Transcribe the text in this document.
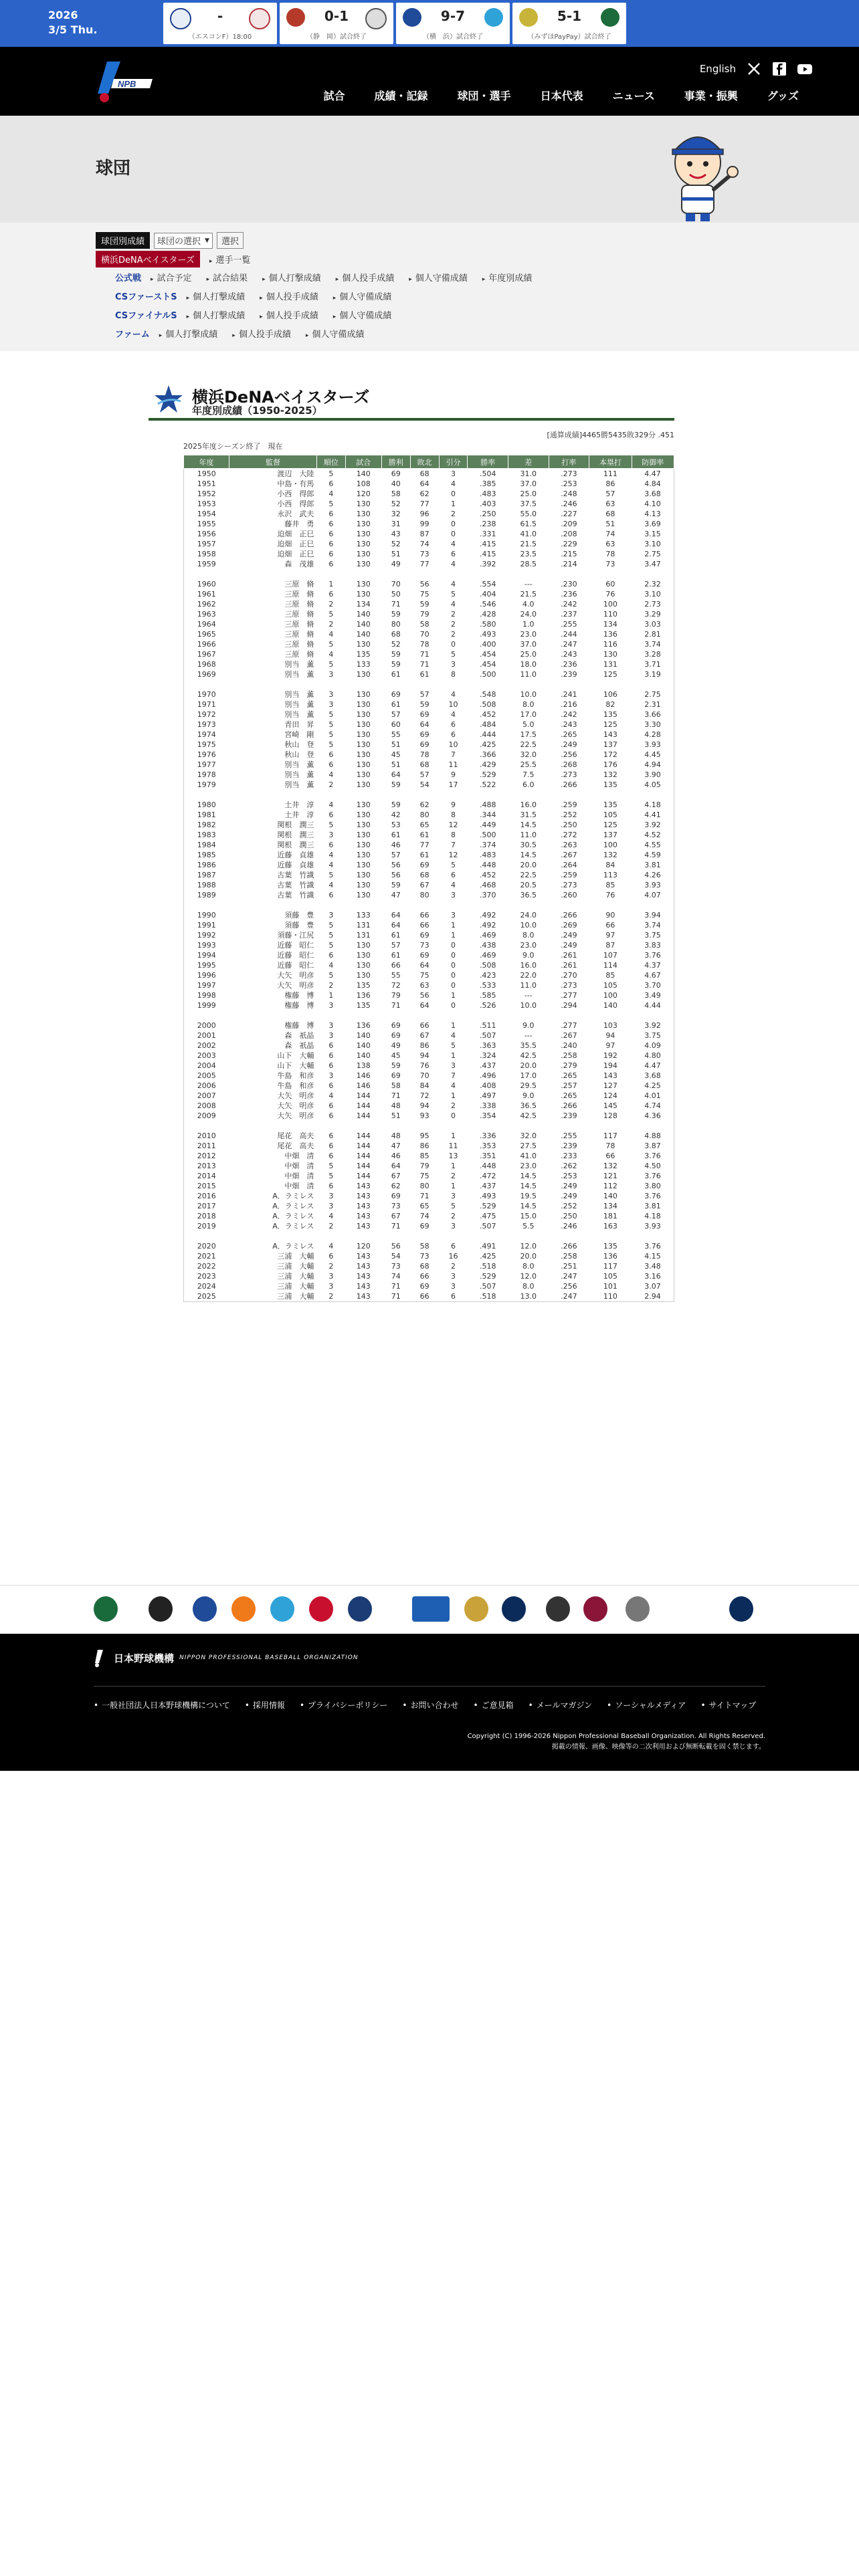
2026
3/5 Thu.
-
（エスコンF）18:00
0-1
（静　岡）試合終了
9-7
（横　浜）試合終了
5-1
（みずほPayPay）試合終了
NPB
English
試合	成績・記録	球団・選手	日本代表	ニュース	事業・振興	グッズ
球団
球団別成績	球団の選択 ▼	選択
横浜DeNAベイスターズ	▸ 選手一覧
公式戦	▸ 試合予定	▸ 試合結果	▸ 個人打撃成績	▸ 個人投手成績	▸ 個人守備成績	▸ 年度別成績
CSファーストS	▸ 個人打撃成績	▸ 個人投手成績	▸ 個人守備成績
CSファイナルS	▸ 個人打撃成績	▸ 個人投手成績	▸ 個人守備成績
ファーム	▸ 個人打撃成績	▸ 個人投手成績	▸ 個人守備成績
横浜DeNAベイスターズ
年度別成績（1950-2025）
[通算成績]4465勝5435敗329分 .451
2025年度シーズン終了　現在
年度	監督	順位	試合	勝利	敗北	引分	勝率	差	打率	本塁打	防御率
1950	渡辺　大陸	5	140	69	68	3	.504	31.0	.273	111	4.47
1951	中島・有馬	6	108	40	64	4	.385	37.0	.253	86	4.84
1952	小西　得郎	4	120	58	62	0	.483	25.0	.248	57	3.68
1953	小西　得郎	5	130	52	77	1	.403	37.5	.246	63	4.10
1954	永沢　武夫	6	130	32	96	2	.250	55.0	.227	68	4.13
1955	藤井　勇	6	130	31	99	0	.238	61.5	.209	51	3.69
1956	迫畑　正巳	6	130	43	87	0	.331	41.0	.208	74	3.15
1957	迫畑　正巳	6	130	52	74	4	.415	21.5	.229	63	3.10
1958	迫畑　正巳	6	130	51	73	6	.415	23.5	.215	78	2.75
1959	森　茂雄	6	130	49	77	4	.392	28.5	.214	73	3.47

1960	三原　脩	1	130	70	56	4	.554	---	.230	60	2.32
1961	三原　脩	6	130	50	75	5	.404	21.5	.236	76	3.10
1962	三原　脩	2	134	71	59	4	.546	4.0	.242	100	2.73
1963	三原　脩	5	140	59	79	2	.428	24.0	.237	110	3.29
1964	三原　脩	2	140	80	58	2	.580	1.0	.255	134	3.03
1965	三原　脩	4	140	68	70	2	.493	23.0	.244	136	2.81
1966	三原　脩	5	130	52	78	0	.400	37.0	.247	116	3.74
1967	三原　脩	4	135	59	71	5	.454	25.0	.243	130	3.28
1968	別当　薫	5	133	59	71	3	.454	18.0	.236	131	3.71
1969	別当　薫	3	130	61	61	8	.500	11.0	.239	125	3.19

1970	別当　薫	3	130	69	57	4	.548	10.0	.241	106	2.75
1971	別当　薫	3	130	61	59	10	.508	8.0	.216	82	2.31
1972	別当　薫	5	130	57	69	4	.452	17.0	.242	135	3.66
1973	青田　昇	5	130	60	64	6	.484	5.0	.243	125	3.30
1974	宮崎　剛	5	130	55	69	6	.444	17.5	.265	143	4.28
1975	秋山　登	5	130	51	69	10	.425	22.5	.249	137	3.93
1976	秋山　登	6	130	45	78	7	.366	32.0	.256	172	4.45
1977	別当　薫	6	130	51	68	11	.429	25.5	.268	176	4.94
1978	別当　薫	4	130	64	57	9	.529	7.5	.273	132	3.90
1979	別当　薫	2	130	59	54	17	.522	6.0	.266	135	4.05

1980	土井　淳	4	130	59	62	9	.488	16.0	.259	135	4.18
1981	土井　淳	6	130	42	80	8	.344	31.5	.252	105	4.41
1982	関根　潤三	5	130	53	65	12	.449	14.5	.250	125	3.92
1983	関根　潤三	3	130	61	61	8	.500	11.0	.272	137	4.52
1984	関根　潤三	6	130	46	77	7	.374	30.5	.263	100	4.55
1985	近藤　貞雄	4	130	57	61	12	.483	14.5	.267	132	4.59
1986	近藤　貞雄	4	130	56	69	5	.448	20.0	.264	84	3.81
1987	古葉　竹識	5	130	56	68	6	.452	22.5	.259	113	4.26
1988	古葉　竹識	4	130	59	67	4	.468	20.5	.273	85	3.93
1989	古葉　竹識	6	130	47	80	3	.370	36.5	.260	76	4.07

1990	須藤　豊	3	133	64	66	3	.492	24.0	.266	90	3.94
1991	須藤　豊	5	131	64	66	1	.492	10.0	.269	66	3.74
1992	須藤・江尻	5	131	61	69	1	.469	8.0	.249	97	3.75
1993	近藤　昭仁	5	130	57	73	0	.438	23.0	.249	87	3.83
1994	近藤　昭仁	6	130	61	69	0	.469	9.0	.261	107	3.76
1995	近藤　昭仁	4	130	66	64	0	.508	16.0	.261	114	4.37
1996	大矢　明彦	5	130	55	75	0	.423	22.0	.270	85	4.67
1997	大矢　明彦	2	135	72	63	0	.533	11.0	.273	105	3.70
1998	権藤　博	1	136	79	56	1	.585	---	.277	100	3.49
1999	権藤　博	3	135	71	64	0	.526	10.0	.294	140	4.44

2000	権藤　博	3	136	69	66	1	.511	9.0	.277	103	3.92
2001	森　祇晶	3	140	69	67	4	.507	---	.267	94	3.75
2002	森　祇晶	6	140	49	86	5	.363	35.5	.240	97	4.09
2003	山下　大輔	6	140	45	94	1	.324	42.5	.258	192	4.80
2004	山下　大輔	6	138	59	76	3	.437	20.0	.279	194	4.47
2005	牛島　和彦	3	146	69	70	7	.496	17.0	.265	143	3.68
2006	牛島　和彦	6	146	58	84	4	.408	29.5	.257	127	4.25
2007	大矢　明彦	4	144	71	72	1	.497	9.0	.265	124	4.01
2008	大矢　明彦	6	144	48	94	2	.338	36.5	.266	145	4.74
2009	大矢　明彦	6	144	51	93	0	.354	42.5	.239	128	4.36

2010	尾花　高夫	6	144	48	95	1	.336	32.0	.255	117	4.88
2011	尾花　高夫	6	144	47	86	11	.353	27.5	.239	78	3.87
2012	中畑　清	6	144	46	85	13	.351	41.0	.233	66	3.76
2013	中畑　清	5	144	64	79	1	.448	23.0	.262	132	4.50
2014	中畑　清	5	144	67	75	2	.472	14.5	.253	121	3.76
2015	中畑　清	6	143	62	80	1	.437	14.5	.249	112	3.80
2016	A．ラミレス	3	143	69	71	3	.493	19.5	.249	140	3.76
2017	A．ラミレス	3	143	73	65	5	.529	14.5	.252	134	3.81
2018	A．ラミレス	4	143	67	74	2	.475	15.0	.250	181	4.18
2019	A．ラミレス	2	143	71	69	3	.507	5.5	.246	163	3.93

2020	A．ラミレス	4	120	56	58	6	.491	12.0	.266	135	3.76
2021	三浦　大輔	6	143	54	73	16	.425	20.0	.258	136	4.15
2022	三浦　大輔	2	143	73	68	2	.518	8.0	.251	117	3.48
2023	三浦　大輔	3	143	74	66	3	.529	12.0	.247	105	3.16
2024	三浦　大輔	3	143	71	69	3	.507	8.0	.256	101	3.07
2025	三浦　大輔	2	143	71	66	6	.518	13.0	.247	110	2.94
日本野球機構 NIPPON PROFESSIONAL BASEBALL ORGANIZATION
• 一般社団法人日本野球機構について	• 採用情報	• プライバシーポリシー	• お問い合わせ	• ご意見箱	• メールマガジン	• ソーシャルメディア	• サイトマップ
Copyright (C) 1996-2026 Nippon Professional Baseball Organization. All Rights Reserved.
掲載の情報、画像、映像等の二次利用および無断転載を固く禁じます。
